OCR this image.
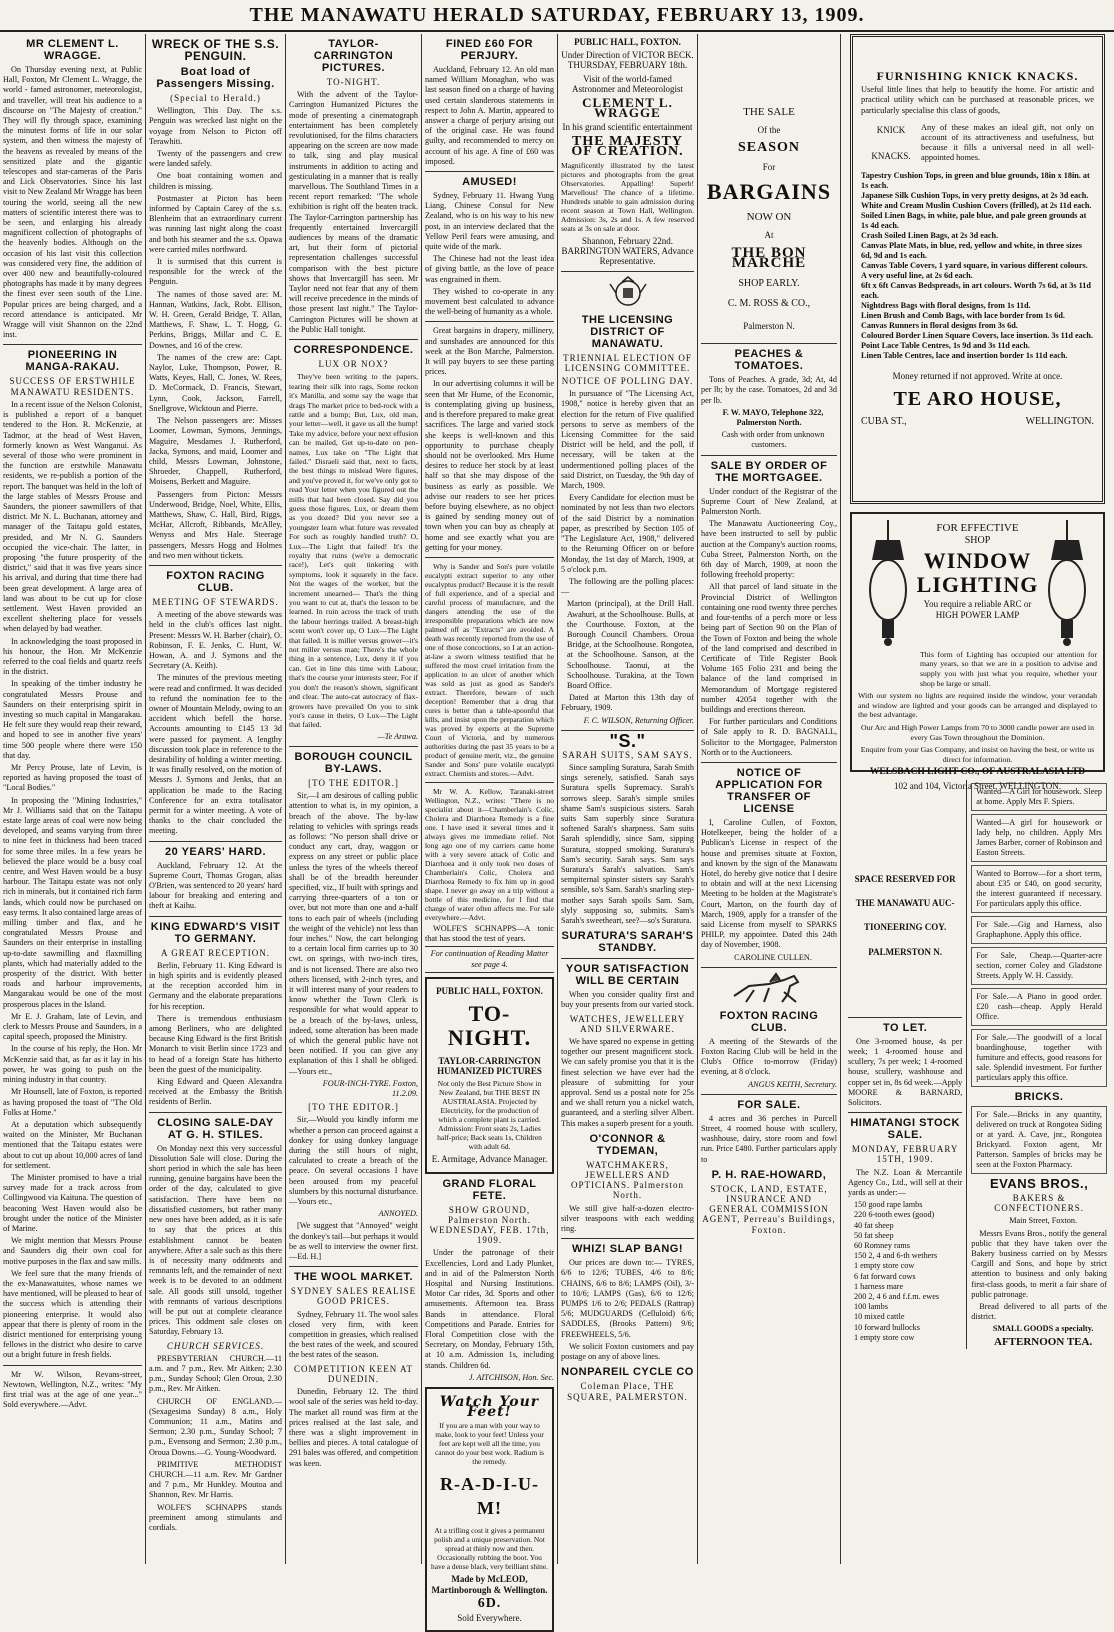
THE MANAWATU HERALD SATURDAY, FEBRUARY 13, 1909.
MR CLEMENT L. WRAGGE.

On Thursday evening next, at Public Hall, Foxton, Mr Clement L. Wragge, the world - famed astronomer, meteorologist, and traveller, will treat his audience to a discourse on "The Majesty of creation." They will fly through space, examining the minutest forms of life in our solar system, and then witness the majesty of the heavens as revealed by means of the sensitized plate and the gigantic telescopes and star-cameras of the Paris and Lick Observatories. Since his last visit to New Zealand Mr Wragge has been touring the world, seeing all the new matters of scientific interest there was to be seen, and enlarging his already magnificent collection of photographs of the heavenly bodies. Although on the occasion of his last visit this collection was considered very fine, the addition of over 400 new and beautifully-coloured photographs has made it by many degrees the finest ever seen south of the Line. Popular prices are being charged, and a record attendance is anticipated. Mr Wragge will visit Shannon on the 22nd inst.

PIONEERING IN MANGA-RAKAU.
SUCCESS OF ERSTWHILE MANAWATU RESIDENTS.

In a recent issue of the Nelson Colonist, is published a report of a banquet tendered to the Hon. R. McKenzie, at Tadmor, at the head of West Haven, formerly known as West Wanganui. As several of those who were prominent in the function are erstwhile Manawatu residents, we re-publish a portion of the report. The banquet was held in the loft of the large stables of Messrs Prouse and Saunders, the pioneer sawmillers of that district. Mr N. L. Buchanan, attorney and manager of the Taitapu gold estates, presided, and Mr N. G. Saunders occupied the vice-chair. The latter, in proposing "the future prosperity of the district," said that it was five years since his arrival, and during that time there had been great development. A large area of land was about to be cut up for close settlement. West Haven provided an excellent sheltering place for vessels when delayed by bad weather.

In acknowledging the toast proposed in his honour, the Hon. Mr McKenzie referred to the coal fields and quartz reefs in the district.

In speaking of the timber industry he congratulated Messrs Prouse and Saunders on their enterprising spirit in investing so much capital in Mangarakau. He felt sure they would reap their reward, and hoped to see in another five years' time 500 people where there were 150 that day.

Mr Percy Prouse, late of Levin, is reported as having proposed the toast of "Local Bodies."

In proposing the "Mining Industries," Mr J. Williams said that on the Taitapu estate large areas of coal were now being developed, and seams varying from three to nine feet in thickness had been traced for some three miles. In a few years he believed the place would be a busy coal centre, and West Haven would be a busy harbour. The Taitapu estate was not only rich in minerals, but it contained rich farm lands, which could now be purchased on easy terms. It also contained large areas of milling timber and flax, and he congratulated Messrs Prouse and Saunders on their enterprise in installing up-to-date sawmilling and flaxmilling plants, which had materially added to the prosperity of the district. With better roads and harbour improvements, Mangarakau would be one of the most prosperous places in the Island.

Mr E. J. Graham, late of Levin, and clerk to Messrs Prouse and Saunders, in a capital speech, proposed the Ministry.

In the course of his reply, the Hon. Mr McKenzie said that, as far as it lay in his power, he was going to push on the mining industry in that country.

Mr Hounsell, late of Foxton, is reported as having proposed the toast of "The Old Folks at Home."

At a deputation which subsequently waited on the Minister, Mr Buchanan mentioned that the Taitapu estates were about to cut up about 10,000 acres of land for settlement.

The Minister promised to have a trial survey made for a track across from Collingwood via Kaituna. The question of beaconing West Haven would also be brought under the notice of the Minister of Marine.

We might mention that Messrs Prouse and Saunders dig their own coal for motive purposes in the flax and saw mills.

We feel sure that the many friends of the ex-Manawatuites, whose names we have mentioned, will be pleased to hear of the success which is attending their pioneering enterprise. It would also appear that there is plenty of room in the district mentioned for enterprising young fellows in the district who desire to carve out a bright future in fresh fields.

Mr W. Wilson, Revans-street, Newtown, Wellington, N.Z., writes: "My first trial was at the age of one year..." Sold everywhere.—Advt.

WRECK OF THE S.S. PENGUIN.
Boat load of Passengers Missing.
(Special to Herald.)

Wellington, This Day. The s.s. Penguin was wrecked last night on the voyage from Nelson to Picton off Terawhiti.

Twenty of the passengers and crew were landed safely.

One boat containing women and children is missing.

Postmaster at Picton has been informed by Captain Carey of the s.s. Blenheim that an extraordinary current was running last night along the coast and both his steamer and the s.s. Opawa were carried miles northward.

It is surmised that this current is responsible for the wreck of the Penguin.

The names of those saved are: M. Hannan, Watkins, Jack, Robt. Ellison, W. H. Green, Gerald Bridge, T. Allan, Matthews, F. Shaw, L. T. Hogg, G. Perkins, Briggs, Millar and C. E. Downes, and 16 of the crew.

The names of the crew are: Capt. Naylor, Luke, Thompson, Power, R. Watts, Keyes, Hall, C. Jones, W. Rees, D. McCormack, D. Francis, Stewart, Lynn, Cook, Jackson, Farrell, Snellgrove, Wicktoun and Pierre.

The Nelson passengers are: Misses Loomer, Lowman, Symons, Jennings, Maguire, Mesdames J. Rutherford, Jacka, Symons, and maid, Loomer and child, Messrs Lowman, Johnstone, Shroeder, Chappell, Rutherford, Moisens, Berkett and Maguire.

Passengers from Picton: Messrs Underwood, Bridge, Noel, White, Ellis, Matthews, Shaw, C. Hall, Bird, Riggs, McHar, Allcroft, Ribbands, McAlley, Wenyss and Mrs Hale. Steerage passengers, Messrs Hogg and Holmes and two men without tickets.

FOXTON RACING CLUB.
MEETING OF STEWARDS.

A meeting of the above stewards was held in the club's offices last night. Present: Messrs W. H. Barber (chair), O. Robinson, F. E. Jenks, C. Hunt, W. Howan, A. and J. Symons and the Secretary (A. Keith).

The minutes of the previous meeting were read and confirmed. It was decided to refund the nomination fee to the owner of Mountain Melody, owing to an accident which befell the horse. Accounts amounting to £145 13 3d were passed for payment. A lengthy discussion took place in reference to the desirability of holding a winter meeting. It was finally resolved, on the motion of Messrs J. Symons and Jenks, that an application be made to the Racing Conference for an extra totalisator permit for a winter meeting. A vote of thanks to the chair concluded the meeting.

20 YEARS' HARD.

Auckland, February 12. At the Supreme Court, Thomas Grogan, alias O'Brien, was sentenced to 20 years' hard labour for breaking and entering and theft at Kaihu.

KING EDWARD'S VISIT TO GERMANY.
A GREAT RECEPTION.

Berlin, February 11. King Edward is in high spirits and is evidently pleased at the reception accorded him in Germany and the elaborate preparations for his reception.

There is tremendous enthusiasm among Berliners, who are delighted because King Edward is the first British Monarch to visit Berlin since 1723 and to head of a foreign State has hitherto been the guest of the municipality.

King Edward and Queen Alexandra received at the Embassy the British residents of Berlin.

CLOSING SALE-DAY AT G. H. STILES.

On Monday next this very successful Dissolution Sale will close. During the short period in which the sale has been running, genuine bargains have been the order of the day, calculated to give satisfaction. There have been no dissatisfied customers, but rather many new ones have been added, as it is safe to say that the prices at this establishment cannot be beaten anywhere. After a sale such as this there is of necessity many oddments and remnants left, and the remainder of next week is to be devoted to an oddment sale. All goods still unsold, together with remnants of various descriptions will be put out at complete clearance prices. This oddment sale closes on Saturday, February 13.

CHURCH SERVICES.

PRESBYTERIAN CHURCH.—11 a.m. and 7 p.m., Rev. Mr Aitken; 2.30 p.m., Sunday School; Glen Oroua, 2.30 p.m., Rev. Mr Aitken.

CHURCH OF ENGLAND.—(Sexagesima Sunday) 8 a.m., Holy Communion; 11 a.m., Matins and Sermon; 2.30 p.m., Sunday School; 7 p.m., Evensong and Sermon; 2.30 p.m., Oroua Downs.—G. Young-Woodward.

PRIMITIVE METHODIST CHURCH.—11 a.m. Rev. Mr Gardner and 7 p.m., Mr Hunkley. Moutoa and Shannon, Rev. Mr Harris.

WOLFE'S SCHNAPPS stands preeminent among stimulants and cordials.

TAYLOR-CARRINGTON PICTURES.
TO-NIGHT.

With the advent of the Taylor-Carrington Humanized Pictures the mode of presenting a cinematograph entertainment has been completely revolutionised, for the films characters appearing on the screen are now made to talk, sing and play musical instruments in addition to acting and gesticulating in a manner that is really marvellous. The Southland Times in a recent report remarked: "The whole exhibition is right off the beaten track. The Taylor-Carrington partnership has frequently entertained Invercargill audiences by means of the dramatic art, but their form of pictorial representation challenges successful comparison with the best picture shows that Invercargill has seen. Mr Taylor need not fear that any of them will receive precedence in the minds of those present last night." The Taylor-Carrington Pictures will be shown at the Public Hall tonight.

CORRESPONDENCE.
LUX OR NOX?

They've been writing to the papers, tearing their silk into rags, Some reckon it's Manilla, and some say the wage that drags The market price to bed-rock with a rattle and a bump; But, Lux, old man, your letter—well, it gave us all the hump! Take my advice, before your next effusion can be mailed, Get up-to-date on pen-names, Lux take on "The Light that failed." Disraeli said that, next to facts, the best things to mislead Were figures, and you've proved it, for we've only got to read Your letter when you figured out the mills that had been closed. Say did you guess those figures, Lux, or dream them as you dozed? Did you never see a youngster learn what future was revealed For such as roughly handled truth? O, Lux—The Light that failed! It's the royalty that ruins (we're a democratic race!), Let's quit tinkering with symptoms, look it squarely in the face. Not the wages of the worker, but the increment unearned— That's the thing you want to cut at, that's the lesson to be learned. In ruin across the track of truth the labour herrings trailed. A breast-high scent won't cover up, O Lux—The Light that failed. It is miller versus grower—it's not miller versus man; There's the whole thing in a sentence, Lux, deny it if you can. Get in line this time with Labour, that's the course your interests steer, For if you don't the reason's shown, significant and clear. The auto-cat autocracy of flax-growers have prevailed On you to sink you's cause in theirs, O Lux—The Light that failed.

—Te Arawa.

BOROUGH COUNCIL BY-LAWS.
[TO THE EDITOR.]

Sir,—I am desirous of calling public attention to what is, in my opinion, a breach of the above. The by-law relating to vehicles with springs reads as follows: "No person shall drive or conduct any cart, dray, waggon or express on any street or public place unless the tyres of the wheels thereof shall be of the breadth hereunder specified, viz., If built with springs and carrying three-quarters of a ton or over, but not more than one and a-half tons to each pair of wheels (including the weight of the vehicle) not less than four inches." Now, the cart belonging to a certain local firm carries up to 30 cwt. on springs, with two-inch tires, and is not licensed. There are also two others licensed, with 2-inch tyres, and it will interest many of your readers to know whether the Town Clerk is responsible for what would appear to be a breach of the by-laws, unless, indeed, some alteration has been made of which the general public have not been notified. If you can give any explanation of this I shall be obliged.—Yours etc.,

FOUR-INCH-TYRE. Foxton, 11.2.09.

[TO THE EDITOR.]

Sir,—Would you kindly inform me whether a person can proceed against a donkey for using donkey language during the still hours of night, calculated to create a breach of the peace. On several occasions I have been aroused from my peaceful slumbers by this nocturnal disturbance.—Yours etc.,

ANNOYED.

[We suggest that "Annoyed" weight the donkey's tail—but perhaps it would be as well to interview the owner first.—Ed. H.]

THE WOOL MARKET.
SYDNEY SALES REALISE GOOD PRICES.

Sydney, February 11. The wool sales closed very firm, with keen competition in greasies, which realised the best rates of the week, and scoured the best rates of the season.

COMPETITION KEEN AT DUNEDIN.

Dunedin, February 12. The third wool sale of the series was held to-day. The market all round was firm at the prices realised at the last sale, and there was a slight improvement in bellies and pieces. A total catalogue of 291 bales was offered, and competition was keen.

FINED £60 FOR PERJURY.

Auckland, February 12. An old man named William Monaghan, who was last season fined on a charge of having used certain slanderous statements in respect to John A. Martin, appeared to answer a charge of perjury arising out of the original case. He was found guilty, and recommended to mercy on account of his age. A fine of £60 was imposed.

AMUSED!

Sydney, February 11. Hwang Yung Liang, Chinese Consul for New Zealand, who is on his way to his new post, in an interview declared that the Yellow Peril fears were amusing, and quite wide of the mark.

The Chinese had not the least idea of giving battle, as the love of peace was engrained in them.

They wished to co-operate in any movement best calculated to advance the well-being of humanity as a whole.

Great bargains in drapery, millinery, and sunshades are announced for this week at the Bon Marche, Palmerston. It will pay buyers to see these parting prices.

In our advertising columns it will be seen that Mr Hume, of the Economic, is contemplating giving up business, and is therefore prepared to make great sacrifices. The large and varied stock she keeps is well-known and this opportunity to purchase cheaply should not be overlooked. Mrs Hume desires to reduce her stock by at least half so that she may dispose of the business as early as possible. We advise our readers to see her prices before buying elsewhere, as no object is gained by sending money out of town when you can buy as cheaply at home and see exactly what you are getting for your money.

Why is Sander and Son's pure volatile eucalypti extract superior to any other eucalyptus product? Because it is the result of full experience, and of a special and careful process of manufacture, and the dangers attending the use of the irresponsible preparations which are now palmed off as "Extracts" are avoided. A death was recently reported from the use of one of those concoctions, so I at an action-at-law a sworn witness testified that he suffered the most cruel irritation from the application to an ulcer of another which was sold as just as good as Sander's extract. Therefore, beware of such deception! Remember that a drug that cures is better than a table-spoonful that kills, and insist upon the preparation which was proved by experts at the Supreme Court of Victoria, and by numerous authorities during the past 35 years to be a product of genuine merit, viz., the genuine Sander and Sons' pure volatile eucalypti extract. Chemists and stores.—Advt.

Mr W. A. Kellow, Taranaki-street Wellington, N.Z., writes: "There is no specialist about it—Chamberlain's Colic, Cholera and Diarrhoea Remedy is a fine one. I have used it several times and it always gives me immediate relief. Not long ago one of my carriers came home with a very severe attack of Colic and Diarrhoea and it only took two doses of Chamberlain's Colic, Cholera and Diarrhoea Remedy to fix him up in good shape. I never go away on a trip without a bottle of this medicine, for I find that change of water often affects me. For sale everywhere.—Advt.

WOLFE'S SCHNAPPS—A tonic that has stood the test of years.

For continuation of Reading Matter see page 4.

PUBLIC HALL, FOXTON.
TO-NIGHT.
TAYLOR-CARRINGTON HUMANIZED PICTURES
Not only the Best Picture Show in New Zealand, but THE BEST IN AUSTRALASIA. Projected by Electricity, for the production of which a complete plant is carried. Admission: Front seats 2s, Ladies half-price; Back seats 1s, Children with adult 6d.
E. Armitage, Advance Manager.
GRAND FLORAL FETE.
SHOW GROUND, Palmerston North. WEDNESDAY, FEB. 17th, 1909.

Under the patronage of their Excellencies, Lord and Lady Plunket, and in aid of the Palmerston North Hospital and Nursing Institutions. Motor Car rides, 3d. Sports and other amusements. Afternoon tea. Brass Bands in attendance. Floral Competitions and Parade. Entries for Floral Competition close with the Secretary, on Monday, February 15th, at 10 a.m. Admission 1s, including stands. Children 6d.

J. AITCHISON, Hon. Sec.

Watch Your Feet!
If you are a man with your way to make, look to your feet! Unless your feet are kept well all the time, you cannot do your best work. Radium is the remedy.
R-A-D-I-U-M!
At a trifling cost it gives a permanent polish and a unique preservation. Not spread at thinly now and then. Occasionally rubbing the boot. You have a dense black, very brilliant shine.
Made by McLEOD, Martinborough & Wellington.
6D.
Sold Everywhere.
PUBLIC HALL, FOXTON.
Under Direction of VICTOR BECK. THURSDAY, FEBRUARY 18th.
Visit of the world-famed Astronomer and Meteorologist
CLEMENT L. WRAGGE
In his grand scientific entertainment
THE MAJESTY OF CREATION.
Magnificently illustrated by the latest pictures and photographs from the great Observatories. Appalling! Superb! Marvellous! The chance of a lifetime. Hundreds unable to gain admission during recent season at Town Hall, Wellington. Admission: 3s, 2s and 1s. A few reserved seats at 3s on sale at door.
Shannon, February 22nd. BARRINGTON WATERS, Advance Representative.
THE LICENSING DISTRICT OF MANAWATU.
TRIENNIAL ELECTION OF LICENSING COMMITTEE.
NOTICE OF POLLING DAY.

In pursuance of "The Licensing Act, 1908," notice is hereby given that an election for the return of Five qualified persons to serve as members of the Licensing Committee for the said District will be held, and the poll, if necessary, will be taken at the undermentioned polling places of the said District, on Tuesday, the 9th day of March, 1909.

Every Candidate for election must be nominated by not less than two electors of the said District by a nomination paper, as prescribed by Section 105 of "The Legislature Act, 1908," delivered to the Returning Officer on or before Monday, the 1st day of March, 1909, at 5 o'clock p.m.

The following are the polling places:—

Marton (principal), at the Drill Hall. Awahuri, at the Schoolhouse. Bulls, at the Courthouse. Foxton, at the Borough Council Chambers. Oroua Bridge, at the Schoolhouse. Rongotea, at the Schoolhouse. Sanson, at the Schoolhouse. Taonui, at the Schoolhouse. Turakina, at the Town Board Office.

Dated at Marton this 13th day of February, 1909.

F. C. WILSON, Returning Officer.

"S."
SARAH SUITS, SAM SAYS.

Since sampling Suratura, Sarah Smith sings serenely, satisfied. Sarah says Suratura spells Supremacy. Sarah's sorrows sleep. Sarah's simple smiles shame Sam's suspicious sisters. Sarah suits Sam superbly since Suratura softened Sarah's sharpness. Sam suits Sarah splendidly, since Sam, sipping Suratura, stopped smoking. Suratura's Sam's security. Sarah says. Sam says Suratura's Sarah's salvation. Sam's sempiternal spinster sisters say Sarah's sensible, so's Sam. Sarah's snarling step-mother says Sarah spoils Sam. Sam, slyly supposing so, submits. Sam's Sarah's sweetheart, see?—so's Suratura.

SURATURA'S SARAH'S STANDBY.
YOUR SATISFACTION WILL BE CERTAIN

When you consider quality first and buy your presents from our varied stock.

WATCHES, JEWELLERY AND SILVERWARE.

We have spared no expense in getting together our present magnificent stock. We can safely promise you that it is the finest selection we have ever had the pleasure of submitting for your approval. Send us a postal note for 25s and we shall return you a nickel watch, guaranteed, and a sterling silver Albert. This makes a superb present for a youth.

O'CONNOR & TYDEMAN,
WATCHMAKERS, JEWELLERS AND OPTICIANS. Palmerston North.

We still give half-a-dozen electro-silver teaspoons with each wedding ring.

WHIZ! SLAP BANG!

Our prices are down to:— TYRES, 6/6 to 12/6; TUBES, 4/6 to 8/6; CHAINS, 6/6 to 8/6; LAMPS (Oil), 3/- to 10/6; LAMPS (Gas), 6/6 to 12/6; PUMPS 1/6 to 2/6; PEDALS (Rattrap) 5/6; MUDGUARDS (Celluloid) 6/6; SADDLES, (Brooks Pattern) 9/6; FREEWHEELS, 5/6.

We solicit Foxton customers and pay postage on any of above lines.

NONPAREIL CYCLE CO
Coleman Place, THE SQUARE, PALMERSTON.
THE SALE
Of the
SEASON
For
BARGAINS
NOW ON
At
THE BON MARCHE
SHOP EARLY.
C. M. ROSS & CO.,
Palmerston N.
PEACHES & TOMATOES.

Tons of Peaches. A grade, 3d; At, 4d per lb; by the case. Tomatoes, 2d and 3d per lb.

F. W. MAYO, Telephone 322, Palmerston North.

Cash with order from unknown customers.

SALE BY ORDER OF THE MORTGAGEE.

Under conduct of the Registrar of the Supreme Court of New Zealand, at Palmerston North.

The Manawatu Auctioneering Coy., have been instructed to sell by public auction at the Company's auction rooms, Cuba Street, Palmerston North, on the 6th day of March, 1909, at noon the following freehold property:

All that parcel of land situate in the Provincial District of Wellington containing one rood twenty three perches and four-tenths of a perch more or less being part of Section 90 on the Plan of the Town of Foxton and being the whole of the land comprised and described in Certificate of Title Register Book Volume 165 Folio 231 and being the balance of the land comprised in Memorandum of Mortgage registered number 42054 together with the buildings and erections thereon.

For further particulars and Conditions of Sale apply to R. D. BAGNALL, Solicitor to the Mortgagee, Palmerston North or to the Auctioneers.

NOTICE OF APPLICATION FOR TRANSFER OF LICENSE

I, Caroline Cullen, of Foxton, Hotelkeeper, being the holder of a Publican's License in respect of the house and premises situate at Foxton, and known by the sign of the Manawatu Hotel, do hereby give notice that I desire to obtain and will at the next Licensing Meeting to be holden at the Magistrate's Court, Marton, on the fourth day of March, 1909, apply for a transfer of the said License from myself to SPARKS PHILP, my appointee. Dated this 24th day of November, 1908.

CAROLINE CULLEN.

FOXTON RACING CLUB.

A meeting of the Stewards of the Foxton Racing Club will be held in the Club's Office to-morrow (Friday) evening, at 8 o'clock.

ANGUS KEITH, Secretary.

FOR SALE.

4 acres and 36 perches in Purcell Street, 4 roomed house with scullery, washhouse, dairy, store room and fowl run. Price £480. Further particulars apply to

P. H. RAE-HOWARD,
STOCK, LAND, ESTATE, INSURANCE AND GENERAL COMMISSION AGENT, Perreau's Buildings, Foxton.
FURNISHING KNICK KNACKS.
Useful little lines that help to beautify the home. For artistic and practical utility which can be purchased at reasonable prices, we particularly specialise this class of goods,
KNICK
KNACKS.
Any of these makes an ideal gift, not only on account of its attractiveness and usefulness, but because it fills a universal need in all well-appointed homes.
Tapestry Cushion Tops, in green and blue grounds, 18in x 18in. at 1s each.
Japanese Silk Cushion Tops, in very pretty designs, at 2s 3d each.
White and Cream Muslin Cushion Covers (frilled), at 2s 11d each.
Soiled Linen Bags, in white, pale blue, and pale green grounds at 1s 4d each.
Crash Soiled Linen Bags, at 2s 3d each.
Canvas Plate Mats, in blue, red, yellow and white, in three sizes 6d, 9d and 1s each.
Canvas Table Covers, 1 yard square, in various different colours. A very useful line, at 2s 6d each.
6ft x 6ft Canvas Bedspreads, in art colours. Worth 7s 6d, at 3s 11d each.
Nightdress Bags with floral designs, from 1s 11d.
Linen Brush and Comb Bags, with lace border from 1s 6d.
Canvas Runners in floral designs from 3s 6d.
Coloured Border Linen Square Covers, lace insertion. 3s 11d each.
Point Lace Table Centres, 1s 9d and 3s 11d each.
Linen Table Centres, lace and insertion border 1s 11d each.
Money returned if not approved. Write at once.
TE ARO HOUSE,
CUBA ST.,	WELLINGTON.
FOR EFFECTIVE
SHOP
WINDOW
LIGHTING
You require a reliable ARC or HIGH POWER LAMP
This form of Lighting has occupied our attention for many years, so that we are in a position to advise and supply you with just what you require, whether your shop be large or small.
With our system no lights are required inside the window, your verandah and window are lighted and your goods can be arranged and displayed to the best advantage.
Our Arc and High Power Lamps from 70 to 3000 candle power are used in every Gas Town throughout the Dominion.
Enquire from your Gas Company, and insist on having the best, or write us direct for information.
WELSBACH LIGHT CO., OF AUSTRALASIA LTD
102 and 104, Victoria Street, WELLINGTON.
SPACE RESERVED FOR
THE MANAWATU AUC-
TIONEERING COY.
PALMERSTON N.
TO LET.

One 3-roomed house, 4s per week; 1 4-roomed house and scullery, 7s per week; 1 4-roomed house, scullery, washhouse and copper set in, 8s 6d week.—Apply MOORE & BARNARD, Solicitors.

HIMATANGI STOCK SALE.
MONDAY, FEBRUARY 15TH, 1909.

The N.Z. Loan & Mercantile Agency Co., Ltd., will sell at their yards as under:—

150 good rape lambs
220 6-tooth ewes (good)
40 fat sheep
50 fat sheep
60 Romney rams
150 2, 4 and 6-th wethers
1 empty store cow
6 fat forward cows
1 harness mare
200 2, 4 6 and f.f.m. ewes
100 lambs
10 mixed cattle
10 forward bullocks
1 empty store cow
Wanted—A Girl for housework. Sleep at home. Apply Mrs F. Spiers.
Wanted—A girl for housework or lady help, no children. Apply Mrs James Barber, corner of Robinson and Easton Streets.
Wanted to Borrow—for a short term, about £35 or £40, on good security, the interest guaranteed if necessary. For particulars apply this office.
For Sale.—Gig and Harness, also Graphaphone. Apply this office.
For Sale, Cheap.—Quarter-acre section, corner Coley and Gladstone Streets. Apply W. H. Cassidy.
For Sale.—A Piano in good order. £20 cash—cheap. Apply Herald Office.
For Sale.—The goodwill of a local boardinghouse, together with furniture and effects, good reasons for sale. Splendid investment. For further particulars apply this office.
BRICKS.
For Sale.—Bricks in any quantity, delivered on truck at Rongotea Siding or at yard. A. Cave, jnr., Rongotea Brickyard. Foxton agent, Mr Patterson. Samples of bricks may be seen at the Foxton Pharmacy.
EVANS BROS.,
BAKERS & CONFECTIONERS.

Main Street, Foxton.

Messrs Evans Bros., notify the general public that they have taken over the Bakery business carried on by Messrs Cargill and Sons, and hope by strict attention to business and only baking first-class goods, to merit a fair share of public patronage.

Bread delivered to all parts of the district.

SMALL GOODS a specialty.

AFTERNOON TEA.
